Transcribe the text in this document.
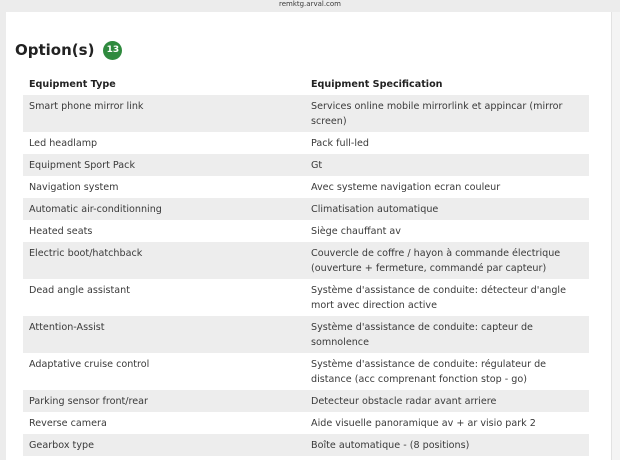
remktg.arval.com
Option(s)	13
Equipment Type	Equipment Specification
Smart phone mirror link	Services online mobile mirrorlink et appincar (mirror screen)
Led headlamp	Pack full-led
Equipment Sport Pack	Gt
Navigation system	Avec systeme navigation ecran couleur
Automatic air-conditionning	Climatisation automatique
Heated seats	Siège chauffant av
Electric boot/hatchback	Couvercle de coffre / hayon à commande électrique (ouverture + fermeture, commandé par capteur)
Dead angle assistant	Système d'assistance de conduite: détecteur d'angle mort avec direction active
Attention-Assist	Système d'assistance de conduite: capteur de somnolence
Adaptative cruise control	Système d'assistance de conduite: régulateur de distance (acc comprenant fonction stop - go)
Parking sensor front/rear	Detecteur obstacle radar avant arriere
Reverse camera	Aide visuelle panoramique av + ar visio park 2
Gearbox type	Boîte automatique - (8 positions)
